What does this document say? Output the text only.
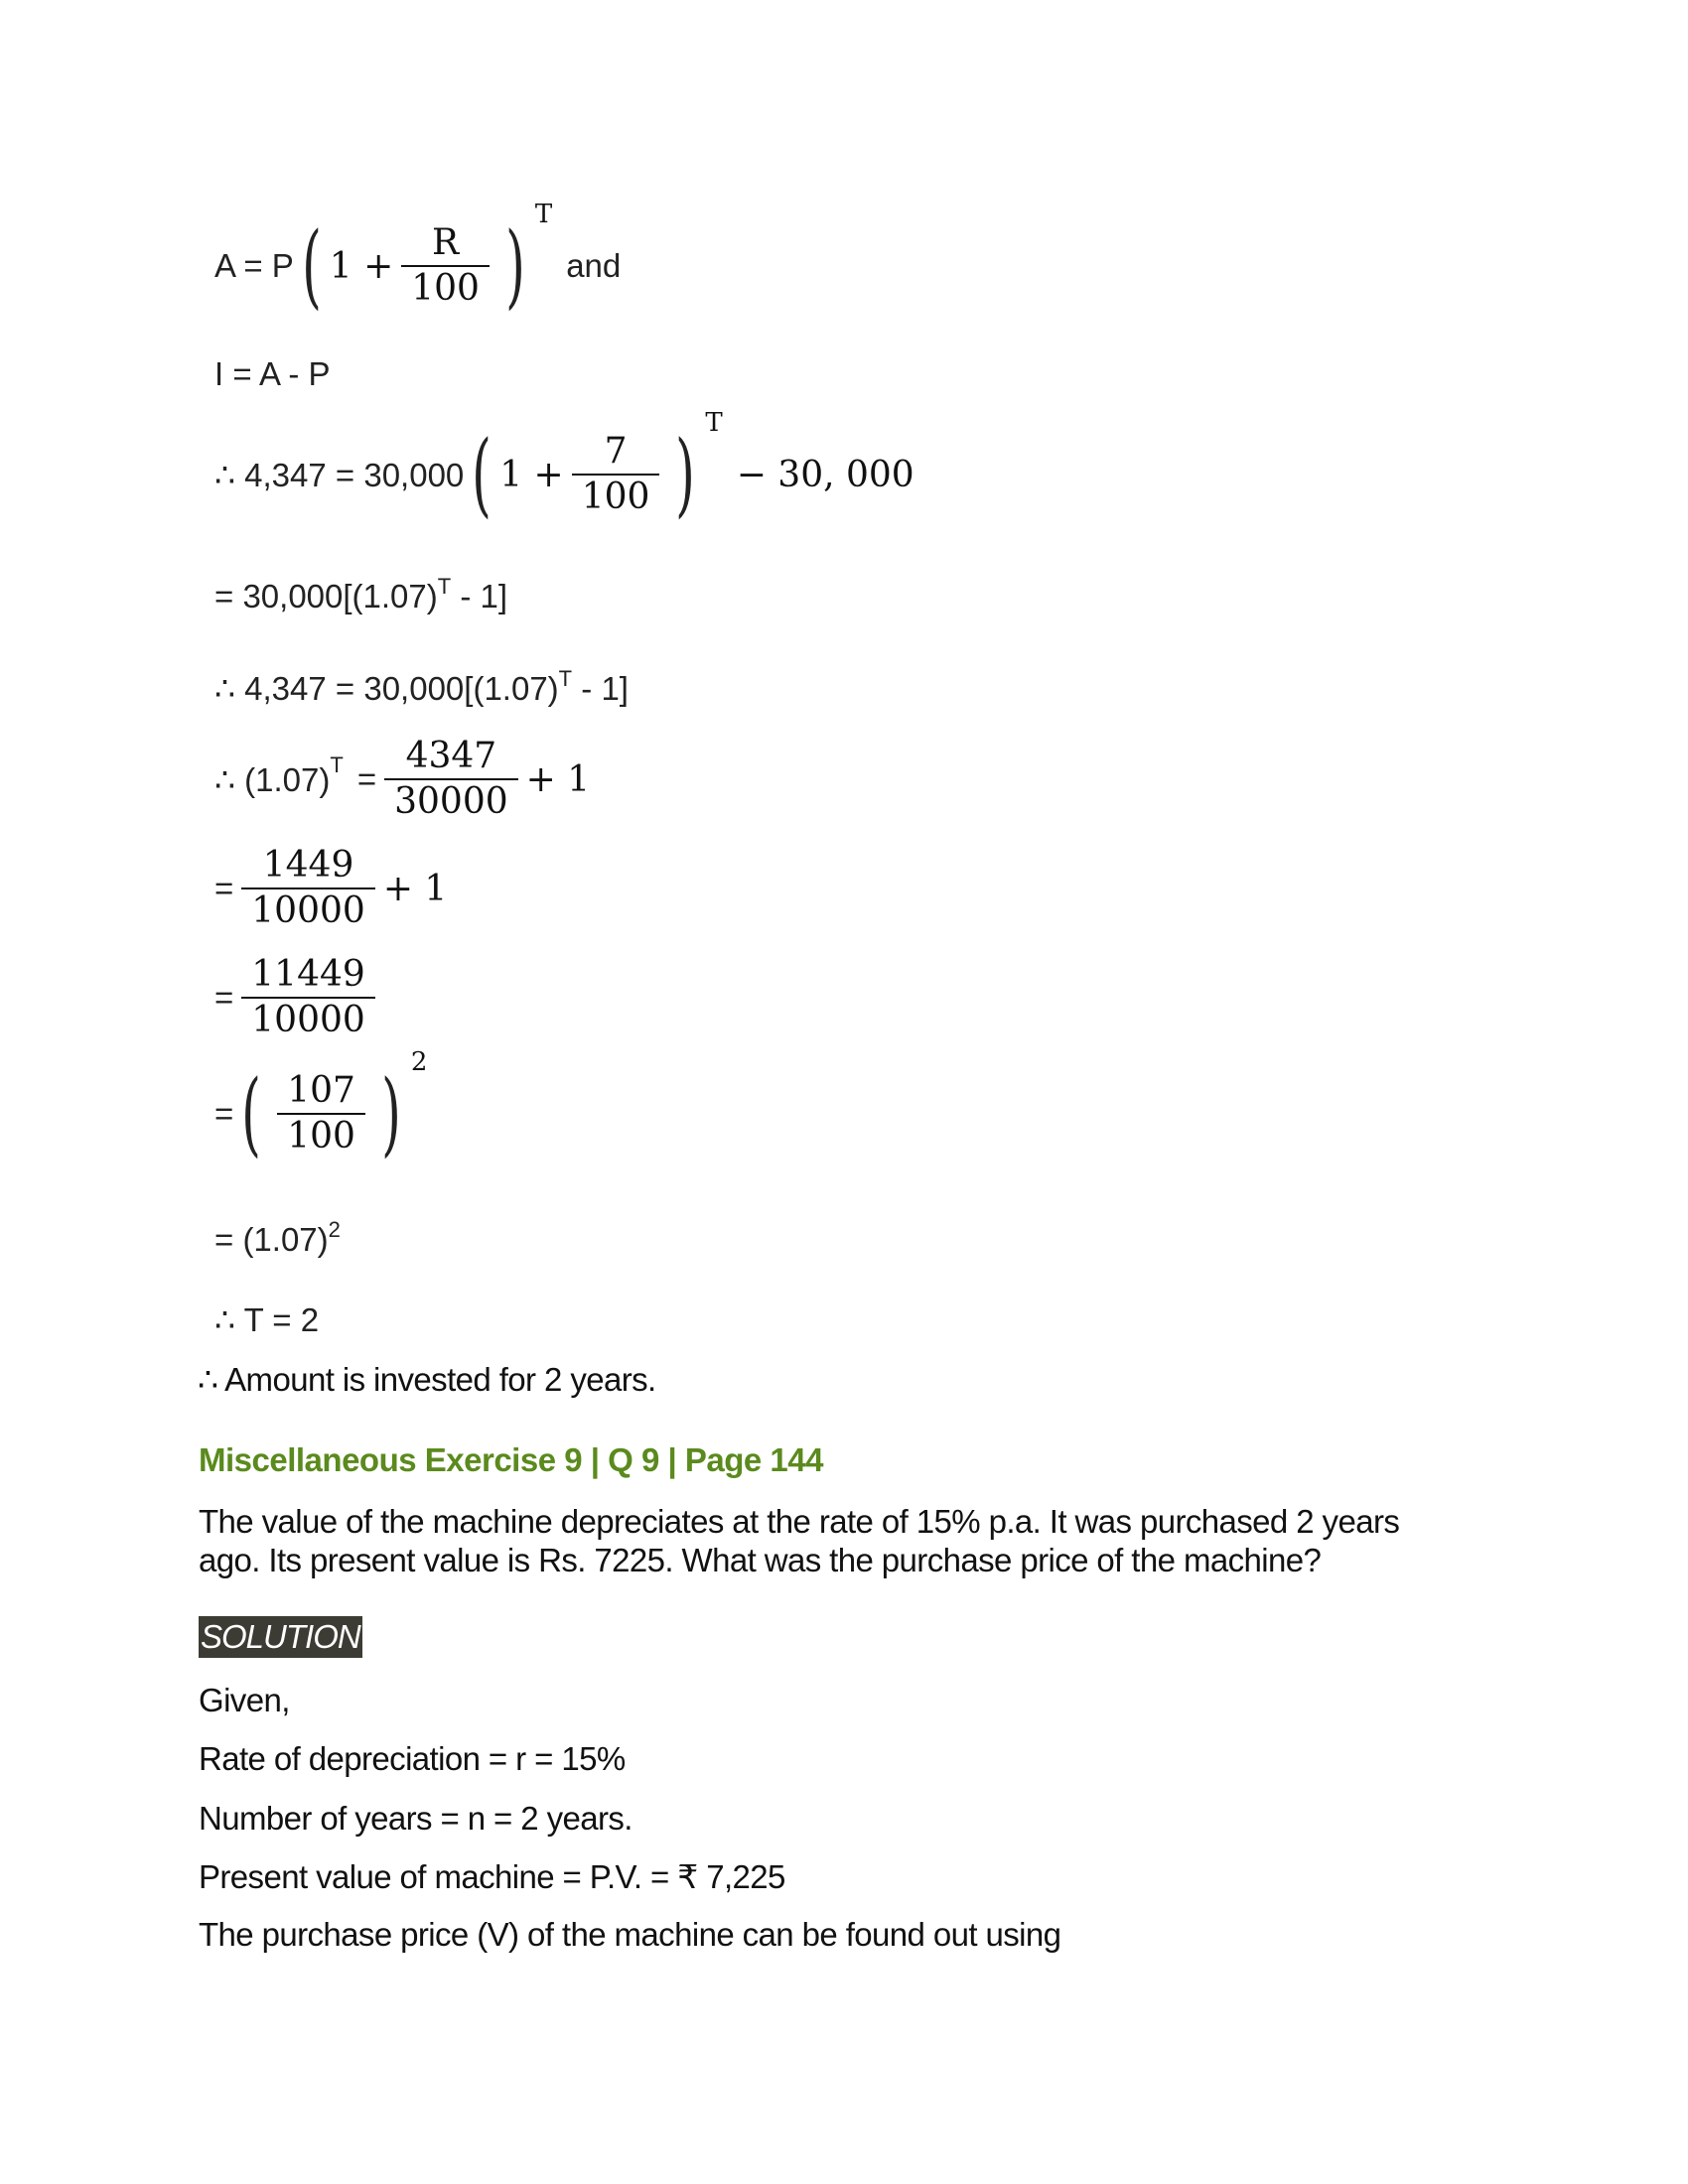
A = P ( $1 + \frac{R}{100}$ ) T
and
I = A - P
∴ 4,347 = 30,000 ( $1 + \frac{7}{100}$ ) T
− 30, 000
= $30,000[(1.07)^T - 1]$
∴ $4,347 = 30,000[(1.07)^T - 1]$
∴ (1.07) $T = \frac{4347}{30000} + 1$
= $\frac{1449}{10000} + 1$
= $\frac{11449}{10000}$
= ( $\frac{107}{100}$ ) 2
= $(1.07)^2$
∴ T = 2
∴ Amount is invested for 2 years.
Miscellaneous Exercise 9 | Q 9 | Page 144
The value of the machine depreciates at the rate of 15% p.a. It was purchased 2 years
ago. Its present value is Rs. 7225. What was the purchase price of the machine?
SOLUTION
Given,
Rate of depreciation = r = 15%
Number of years = n = 2 years.
Present value of machine = P.V. = ₹ 7,225
The purchase price (V) of the machine can be found out using
